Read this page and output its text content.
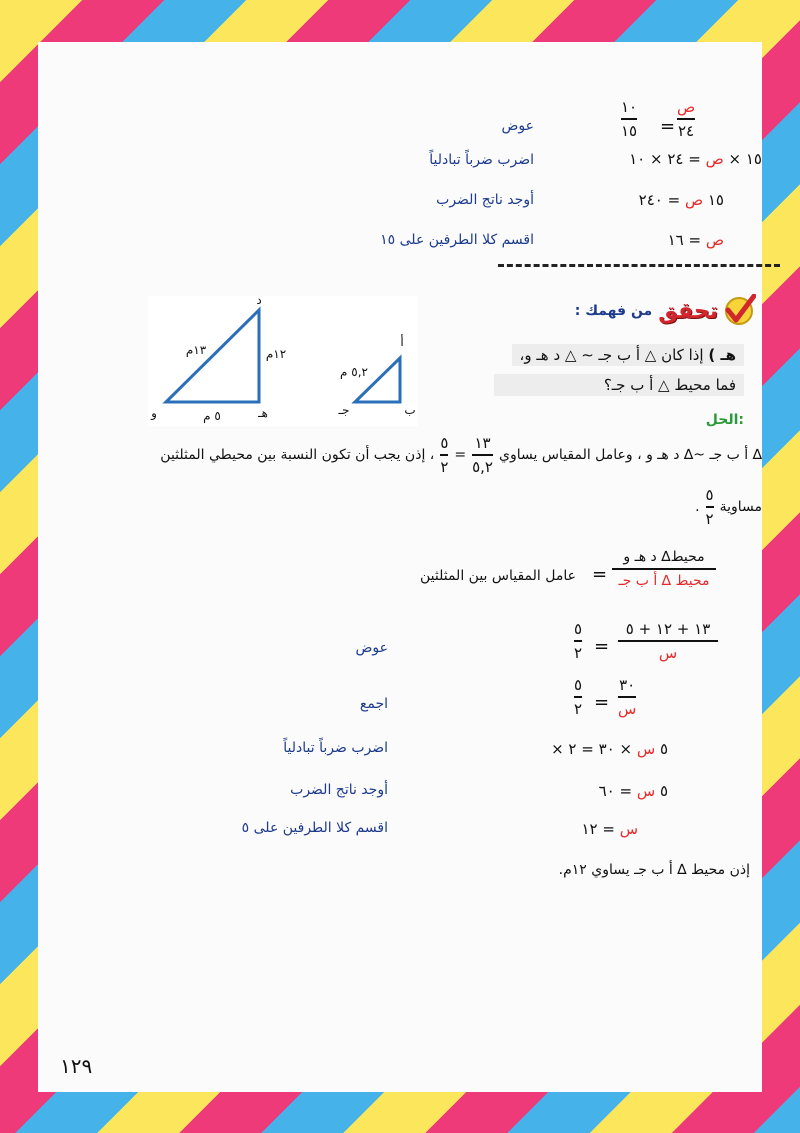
ص
٢٤
=
١٠
١٥
عوض
١٥ × ص = ٢٤ × ١٠
اضرب ضرباً تبادلياً
١٥ ص = ٢٤٠
أوجد ناتج الضرب
ص = ١٦
اقسم كلا الطرفين على ١٥
تحقق
من فهمك :
هـ ) إذا كان △ أ ب جـ ∽ △ د هـ و،
فما محيط △ أ ب جـ؟
د
هـ
و
١٣م	١٢م
٥ م
أ
ب
جـ
٥,٢ م
الحل:
∆ أ ب جـ ~∆ د هـ و ، وعامل المقياس يساوي
$\frac{١٣}{٥,٢}$
=
$\frac{٥}{٢}$
، إذن يجب أن تكون النسبة بين محيطي المثلثين
مساوية
$\frac{٥}{٢}$
.
عامل المقياس بين المثلثين =
محيط∆ د هـ و
محيط ∆ أ ب جـ
٥
٢ =
١٣ + ١٢ + ٥
س
عوض
٥
٢ =
٣٠
س
اجمع
٥ س × ٣٠ = ٢ ×
اضرب ضرباً تبادلياً
٥ س = ٦٠
أوجد ناتج الضرب
س = ١٢
اقسم كلا الطرفين على ٥
إذن محيط ∆ أ ب جـ يساوي ١٢م.
١٢٩
